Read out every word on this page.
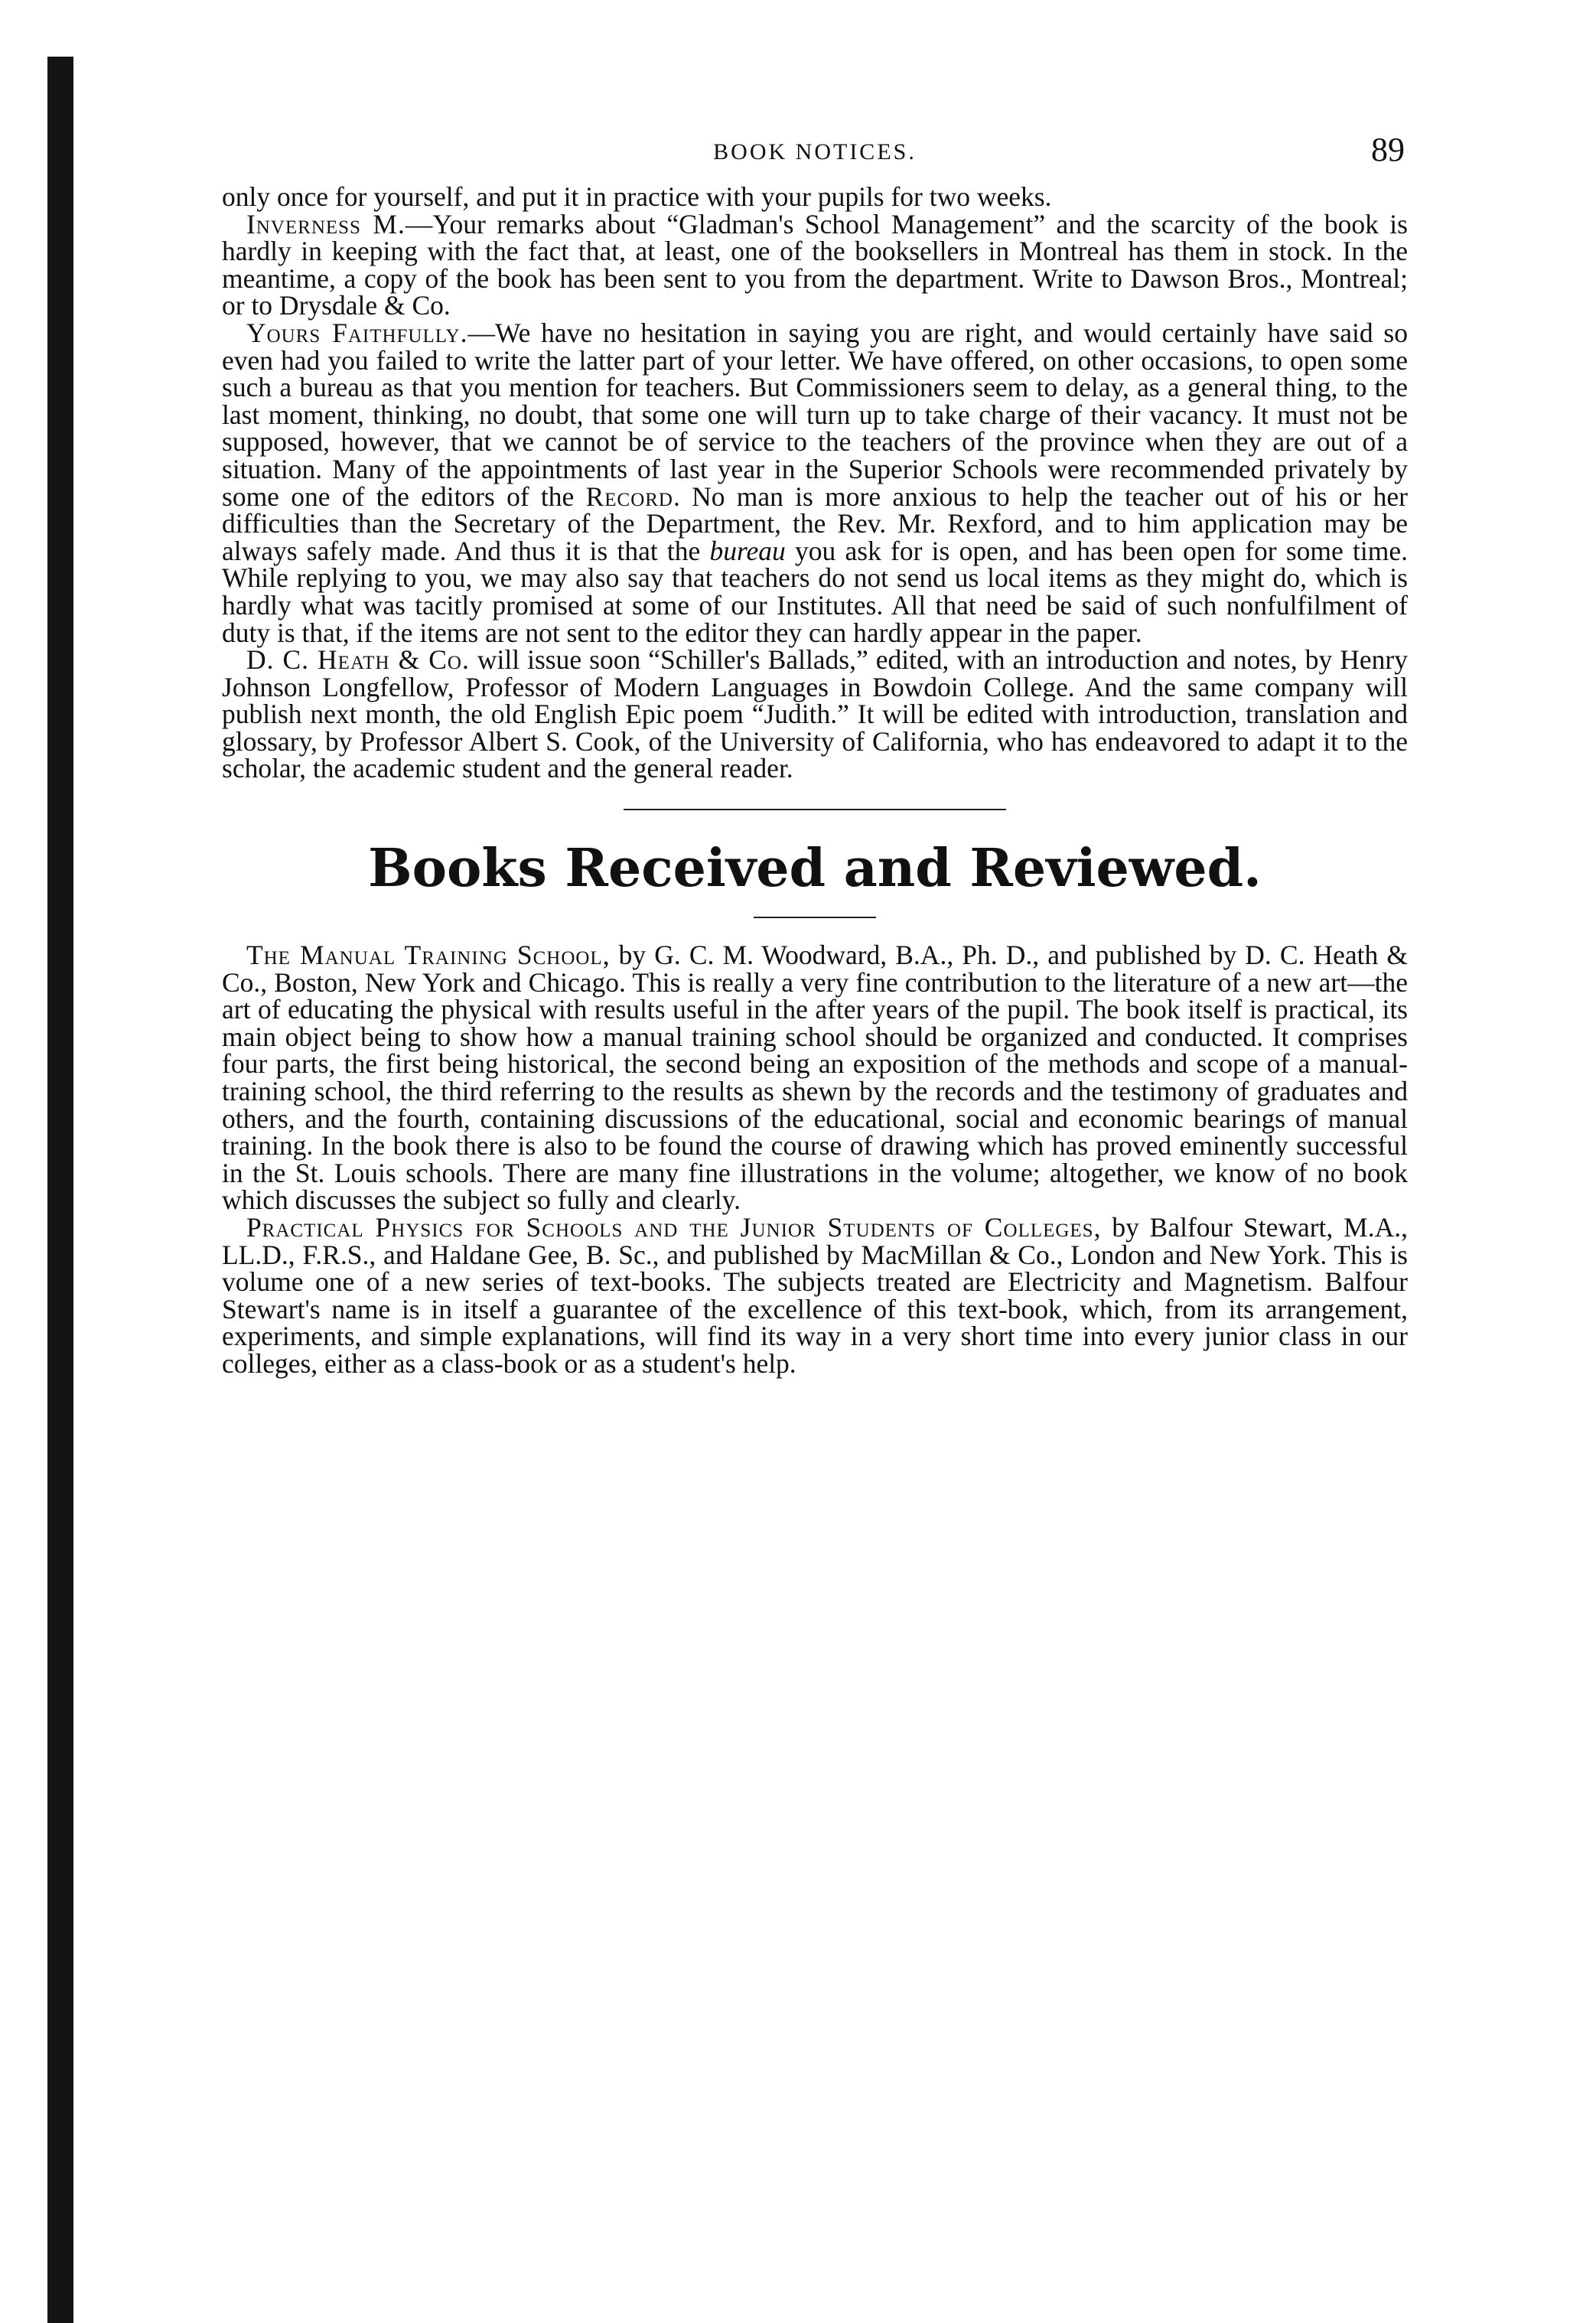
BOOK NOTICES.	89

only once for yourself, and put it in practice with your pupils for two weeks.

Inverness M.—Your remarks about “Gladman's School Management” and the scarcity of the book is hardly in keeping with the fact that, at least, one of the booksellers in Montreal has them in stock. In the meantime, a copy of the book has been sent to you from the department. Write to Dawson Bros., Montreal; or to Drysdale & Co.

Yours Faithfully.—We have no hesitation in saying you are right, and would certainly have said so even had you failed to write the latter part of your letter. We have offered, on other occasions, to open some such a bureau as that you mention for teachers. But Commissioners seem to delay, as a general thing, to the last moment, thinking, no doubt, that some one will turn up to take charge of their vacancy. It must not be supposed, however, that we cannot be of service to the teachers of the province when they are out of a situation. Many of the appointments of last year in the Superior Schools were recommended privately by some one of the editors of the Record. No man is more anxious to help the teacher out of his or her difficulties than the Secretary of the Department, the Rev. Mr. Rexford, and to him application may be always safely made. And thus it is that the bureau you ask for is open, and has been open for some time. While replying to you, we may also say that teachers do not send us local items as they might do, which is hardly what was tacitly promised at some of our Institutes. All that need be said of such nonfulfilment of duty is that, if the items are not sent to the editor they can hardly appear in the paper.

D. C. Heath & Co. will issue soon “Schiller's Ballads,” edited, with an introduction and notes, by Henry Johnson Longfellow, Professor of Modern Languages in Bowdoin College. And the same company will publish next month, the old English Epic poem “Judith.” It will be edited with introduction, translation and glossary, by Professor Albert S. Cook, of the University of California, who has endeavored to adapt it to the scholar, the academic student and the general reader.

Books Received and Reviewed.

The Manual Training School, by G. C. M. Woodward, B.A., Ph. D., and published by D. C. Heath & Co., Boston, New York and Chicago. This is really a very fine contribution to the literature of a new art—the art of educating the physical with results useful in the after years of the pupil. The book itself is practical, its main object being to show how a manual training school should be organized and conducted. It comprises four parts, the first being historical, the second being an exposition of the methods and scope of a manual-training school, the third referring to the results as shewn by the records and the testimony of graduates and others, and the fourth, containing discussions of the educational, social and economic bearings of manual training. In the book there is also to be found the course of drawing which has proved eminently successful in the St. Louis schools. There are many fine illustrations in the volume; altogether, we know of no book which discusses the subject so fully and clearly.

Practical Physics for Schools and the Junior Students of Colleges, by Balfour Stewart, M.A., LL.D., F.R.S., and Haldane Gee, B. Sc., and published by MacMillan & Co., London and New York. This is volume one of a new series of text-books. The subjects treated are Electricity and Magnetism. Balfour Stewart's name is in itself a guarantee of the excellence of this text-book, which, from its arrangement, experiments, and simple explanations, will find its way in a very short time into every junior class in our colleges, either as a class-book or as a student's help.
